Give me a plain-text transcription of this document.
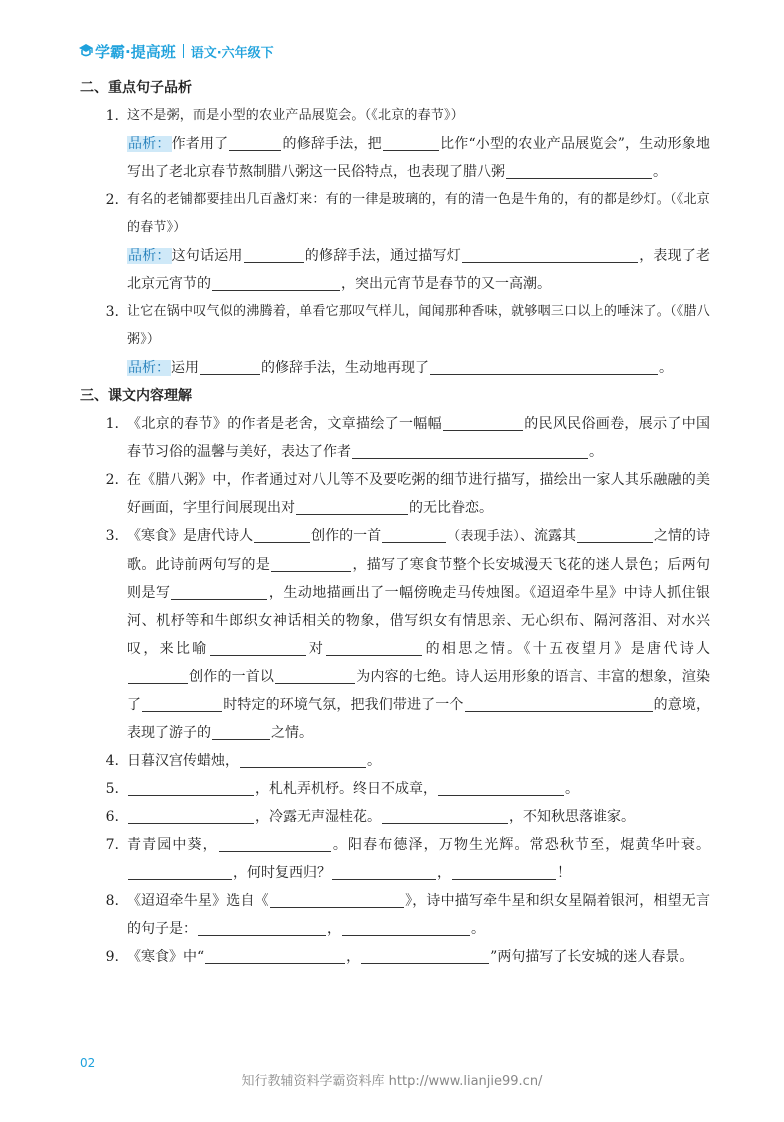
学霸·提高班 语文·六年级下
二、重点句子品析
1. 这不是粥，而是小型的农业产品展览会。（《北京的春节》）
品析：作者用了	的修辞手法，把	比作“小型的农业产品展览会”，生动形象地写出了老北京春节熬制腊八粥这一民俗特点，也表现了腊八粥	。
2. 有名的老铺都要挂出几百盏灯来：有的一律是玻璃的，有的清一色是牛角的，有的都是纱灯。（《北京的春节》）
品析：这句话运用	的修辞手法，通过描写灯	，表现了老北京元宵节的	，突出元宵节是春节的又一高潮。
3. 让它在锅中叹气似的沸腾着，单看它那叹气样儿，闻闻那种香味，就够咽三口以上的唾沫了。（《腊八粥》）
品析：运用	的修辞手法，生动地再现了	。
三、课文内容理解
1. 《北京的春节》的作者是老舍，文章描绘了一幅幅	的民风民俗画卷，展示了中国春节习俗的温馨与美好，表达了作者	。
2. 在《腊八粥》中，作者通过对八儿等不及要吃粥的细节进行描写，描绘出一家人其乐融融的美好画面，字里行间展现出对	的无比眷恋。
3. 《寒食》是唐代诗人	创作的一首	（表现手法）、流露其	之情的诗歌。此诗前两句写的是	，描写了寒食节整个长安城漫天飞花的迷人景色；后两句则是写	，生动地描画出了一幅傍晚走马传烛图。《迢迢牵牛星》中诗人抓住银河、机杼等和牛郎织女神话相关的物象，借写织女有情思亲、无心织布、隔河落泪、对水兴叹，来比喻	对	的相思之情。《十五夜望月》是唐代诗人创作的一首以	为内容的七绝。诗人运用形象的语言、丰富的想象，渲染了	时特定的环境气氛，把我们带进了一个	的意境，表现了游子的	之情。
4. 日暮汉宫传蜡烛，	。
5.	，札札弄机杼。终日不成章，	。
6.	，冷露无声湿桂花。	，不知秋思落谁家。
7. 青青园中葵，	。阳春布德泽，万物生光辉。常恐秋节至，焜黄华叶衰。，何时复西归？	，	！
8. 《迢迢牵牛星》选自《	》，诗中描写牵牛星和织女星隔着银河，相望无言的句子是：	，	。
9. 《寒食》中“	，	”两句描写了长安城的迷人春景。
02
知行教辅资料学霸资料库 http://www.lianjie99.cn/
